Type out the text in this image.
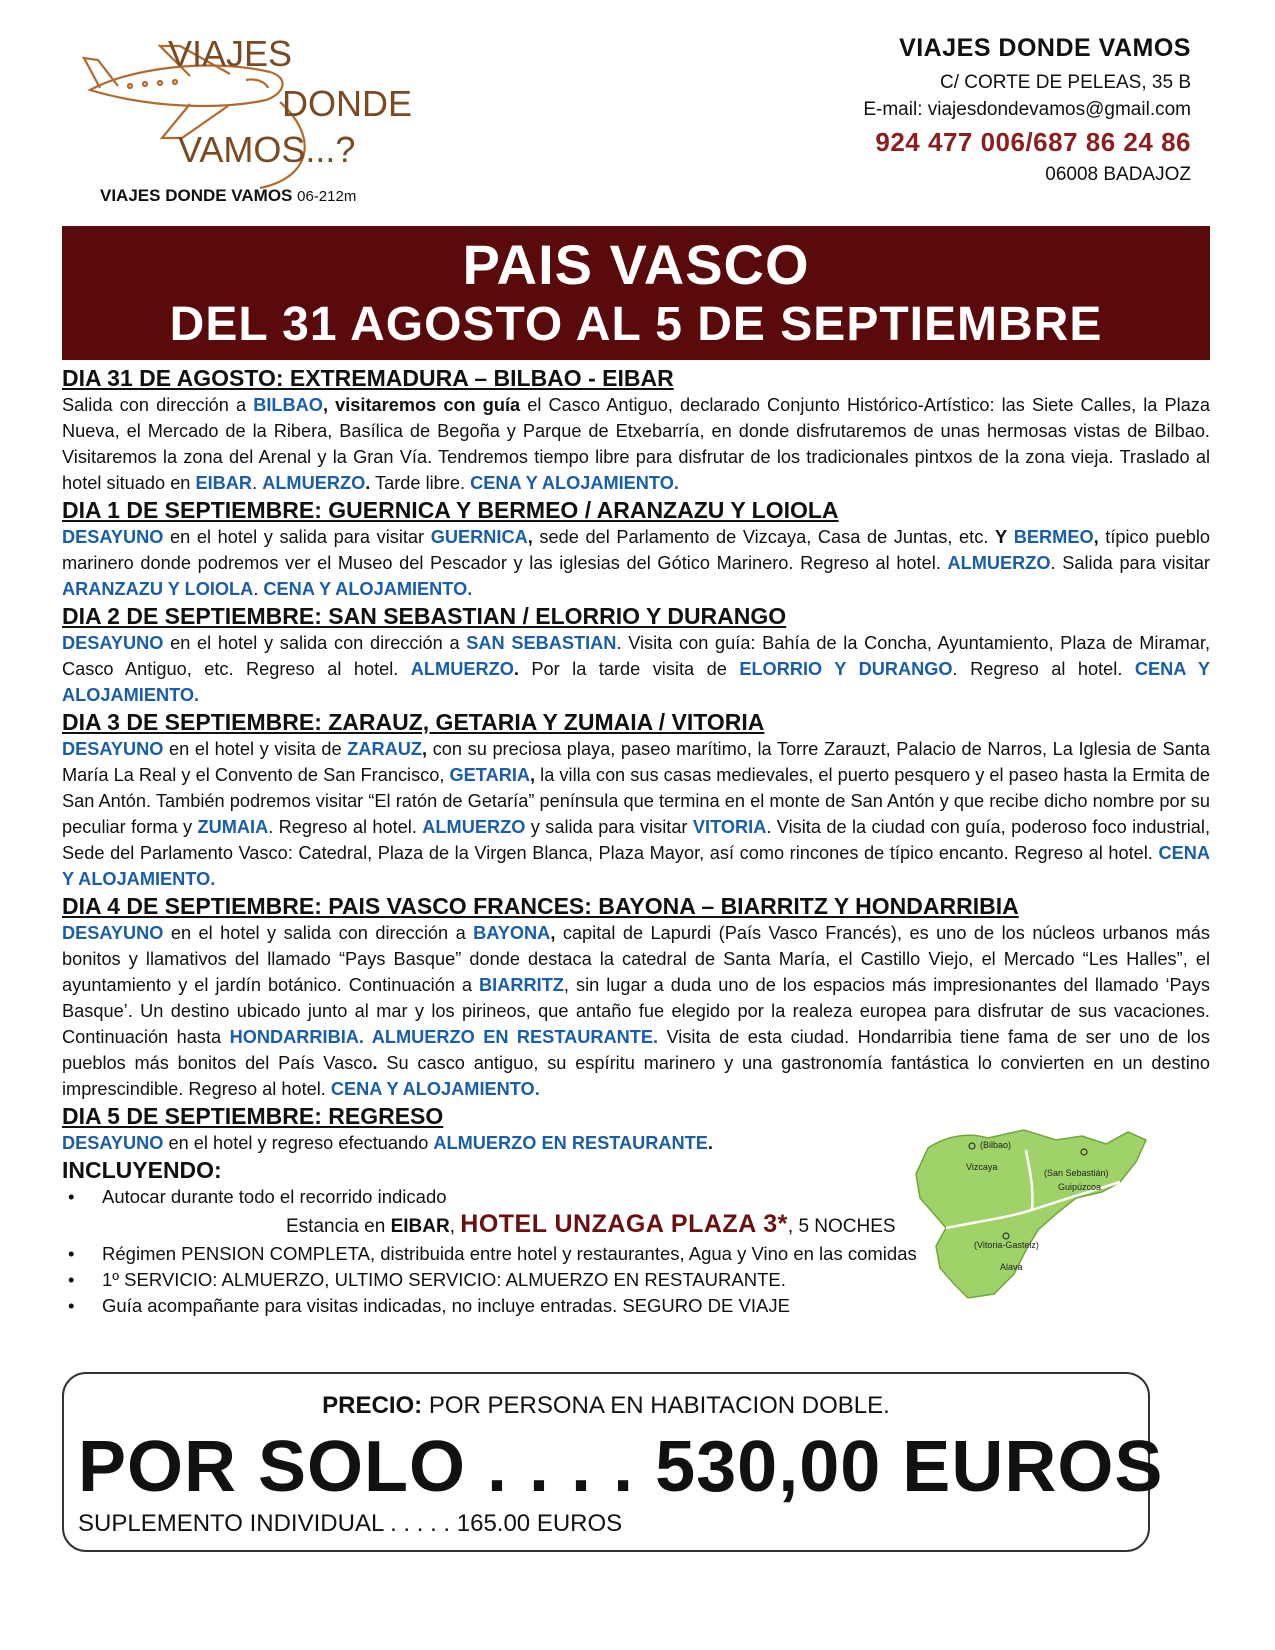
VIAJES
DONDE
VAMOS...?
VIAJES DONDE VAMOS 06-212m
VIAJES DONDE VAMOS
C/ CORTE DE PELEAS, 35 B
E-mail: viajesdondevamos@gmail.com
924 477 006/687 86 24 86
06008 BADAJOZ
PAIS VASCO
DEL 31 AGOSTO AL 5 DE SEPTIEMBRE
DIA 31 DE AGOSTO: EXTREMADURA – BILBAO - EIBAR
Salida con dirección a BILBAO, visitaremos con guía el Casco Antiguo, declarado Conjunto Histórico-Artístico: las Siete Calles, la Plaza Nueva, el Mercado de la Ribera, Basílica de Begoña y Parque de Etxebarría, en donde disfrutaremos de unas hermosas vistas de Bilbao. Visitaremos la zona del Arenal y la Gran Vía. Tendremos tiempo libre para disfrutar de los tradicionales pintxos de la zona vieja. Traslado al hotel situado en EIBAR. ALMUERZO. Tarde libre. CENA Y ALOJAMIENTO.
DIA 1 DE SEPTIEMBRE: GUERNICA Y BERMEO / ARANZAZU Y LOIOLA
DESAYUNO en el hotel y salida para visitar GUERNICA, sede del Parlamento de Vizcaya, Casa de Juntas, etc. Y BERMEO, típico pueblo marinero donde podremos ver el Museo del Pescador y las iglesias del Gótico Marinero. Regreso al hotel. ALMUERZO. Salida para visitar ARANZAZU Y LOIOLA. CENA Y ALOJAMIENTO.
DIA 2 DE SEPTIEMBRE: SAN SEBASTIAN / ELORRIO Y DURANGO
DESAYUNO en el hotel y salida con dirección a SAN SEBASTIAN. Visita con guía: Bahía de la Concha, Ayuntamiento, Plaza de Miramar, Casco Antiguo, etc. Regreso al hotel. ALMUERZO. Por la tarde visita de ELORRIO Y DURANGO. Regreso al hotel. CENA Y ALOJAMIENTO.
DIA 3 DE SEPTIEMBRE: ZARAUZ, GETARIA Y ZUMAIA / VITORIA
DESAYUNO en el hotel y visita de ZARAUZ, con su preciosa playa, paseo marítimo, la Torre Zarauzt, Palacio de Narros, La Iglesia de Santa María La Real y el Convento de San Francisco, GETARIA, la villa con sus casas medievales, el puerto pesquero y el paseo hasta la Ermita de San Antón. También podremos visitar “El ratón de Getaría” península que termina en el monte de San Antón y que recibe dicho nombre por su peculiar forma y ZUMAIA. Regreso al hotel. ALMUERZO y salida para visitar VITORIA. Visita de la ciudad con guía, poderoso foco industrial, Sede del Parlamento Vasco: Catedral, Plaza de la Virgen Blanca, Plaza Mayor, así como rincones de típico encanto. Regreso al hotel. CENA Y ALOJAMIENTO.
DIA 4 DE SEPTIEMBRE: PAIS VASCO FRANCES: BAYONA – BIARRITZ Y HONDARRIBIA
DESAYUNO en el hotel y salida con dirección a BAYONA, capital de Lapurdi (País Vasco Francés), es uno de los núcleos urbanos más bonitos y llamativos del llamado “Pays Basque” donde destaca la catedral de Santa María, el Castillo Viejo, el Mercado “Les Halles”, el ayuntamiento y el jardín botánico. Continuación a BIARRITZ, sin lugar a duda uno de los espacios más impresionantes del llamado ‘Pays Basque’. Un destino ubicado junto al mar y los pirineos, que antaño fue elegido por la realeza europea para disfrutar de sus vacaciones. Continuación hasta HONDARRIBIA. ALMUERZO EN RESTAURANTE. Visita de esta ciudad. Hondarribia tiene fama de ser uno de los pueblos más bonitos del País Vasco. Su casco antiguo, su espíritu marinero y una gastronomía fantástica lo convierten en un destino imprescindible. Regreso al hotel. CENA Y ALOJAMIENTO.
DIA 5 DE SEPTIEMBRE: REGRESO
DESAYUNO en el hotel y regreso efectuando ALMUERZO EN RESTAURANTE.
INCLUYENDO:
• Autocar durante todo el recorrido indicado
Estancia en EIBAR, HOTEL UNZAGA PLAZA 3*, 5 NOCHES
• Régimen PENSION COMPLETA, distribuida entre hotel y restaurantes, Agua y Vino en las comidas
• 1º SERVICIO: ALMUERZO, ULTIMO SERVICIO: ALMUERZO EN RESTAURANTE.
• Guía acompañante para visitas indicadas, no incluye entradas. SEGURO DE VIAJE
(Bilbao)
Vizcaya
(San Sebastián)
Guipúzcoa
(Vitoria-Gasteiz)
Alava
PRECIO: POR PERSONA EN HABITACION DOBLE.
POR SOLO . . . . 530,00 EUROS
SUPLEMENTO INDIVIDUAL . . . . . 165.00 EUROS
